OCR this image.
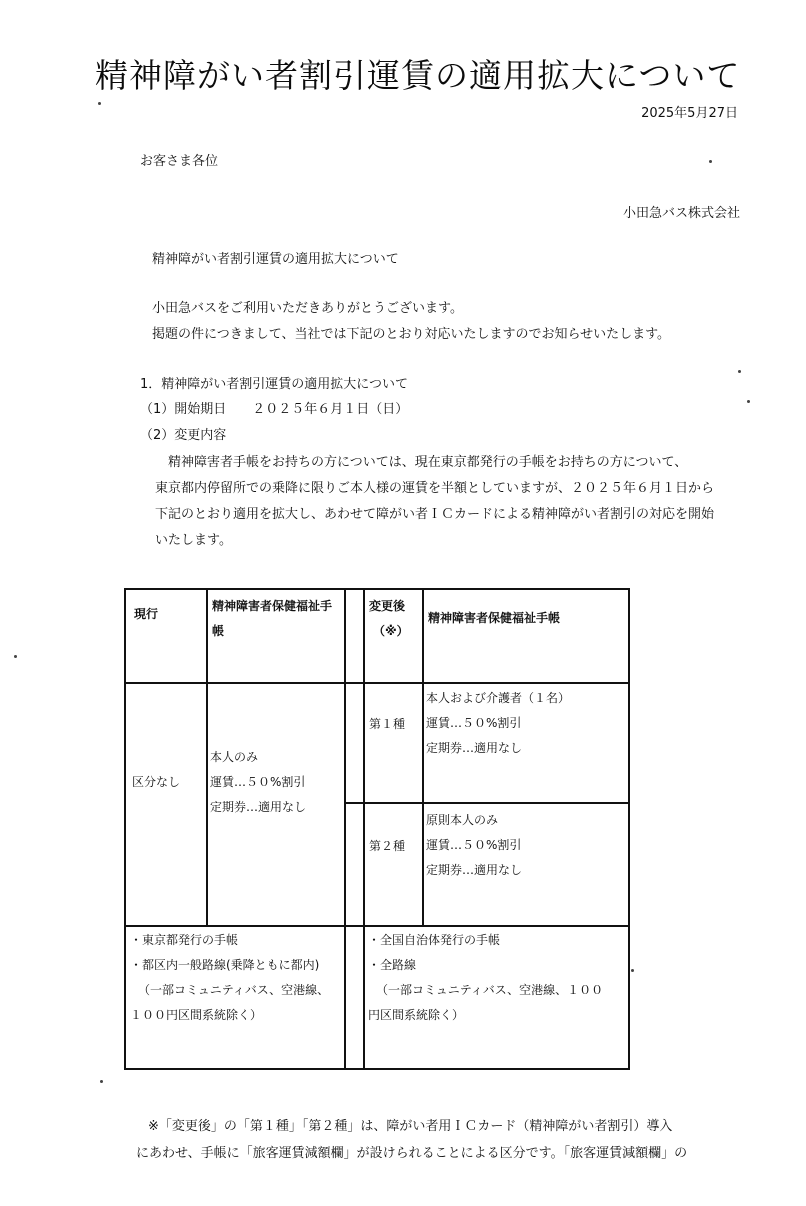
精神障がい者割引運賃の適用拡大について
2025年5月27日
お客さま各位
小田急バス株式会社
精神障がい者割引運賃の適用拡大について
小田急バスをご利用いただきありがとうございます。
掲題の件につきまして、当社では下記のとおり対応いたしますのでお知らせいたします。
1．精神障がい者割引運賃の適用拡大について
（1）開始期日　　２０２５年６月１日（日）
（2）変更内容
　精神障害者手帳をお持ちの方については、現在東京都発行の手帳をお持ちの方について、
東京都内停留所での乗降に限りご本人様の運賃を半額としていますが、２０２５年６月１日から
下記のとおり適用を拡大し、あわせて障がい者ＩＣカードによる精神障がい者割引の対応を開始
いたします。
現行
精神障害者保健福祉手
帳
変更後
（※）
精神障害者保健福祉手帳
区分なし
本人のみ
運賃…５０%割引
定期券…適用なし
第１種
本人および介護者（１名）
運賃…５０%割引
定期券…適用なし
第２種
原則本人のみ
運賃…５０%割引
定期券…適用なし
・東京都発行の手帳
・都区内一般路線(乗降ともに都内)
（一部コミュニティバス、空港線、
１００円区間系統除く）
・全国自治体発行の手帳
・全路線
（一部コミュニティバス、空港線、１００
円区間系統除く）
※「変更後」の「第１種」「第２種」は、障がい者用ＩＣカード（精神障がい者割引）導入
にあわせ、手帳に「旅客運賃減額欄」が設けられることによる区分です。「旅客運賃減額欄」の
